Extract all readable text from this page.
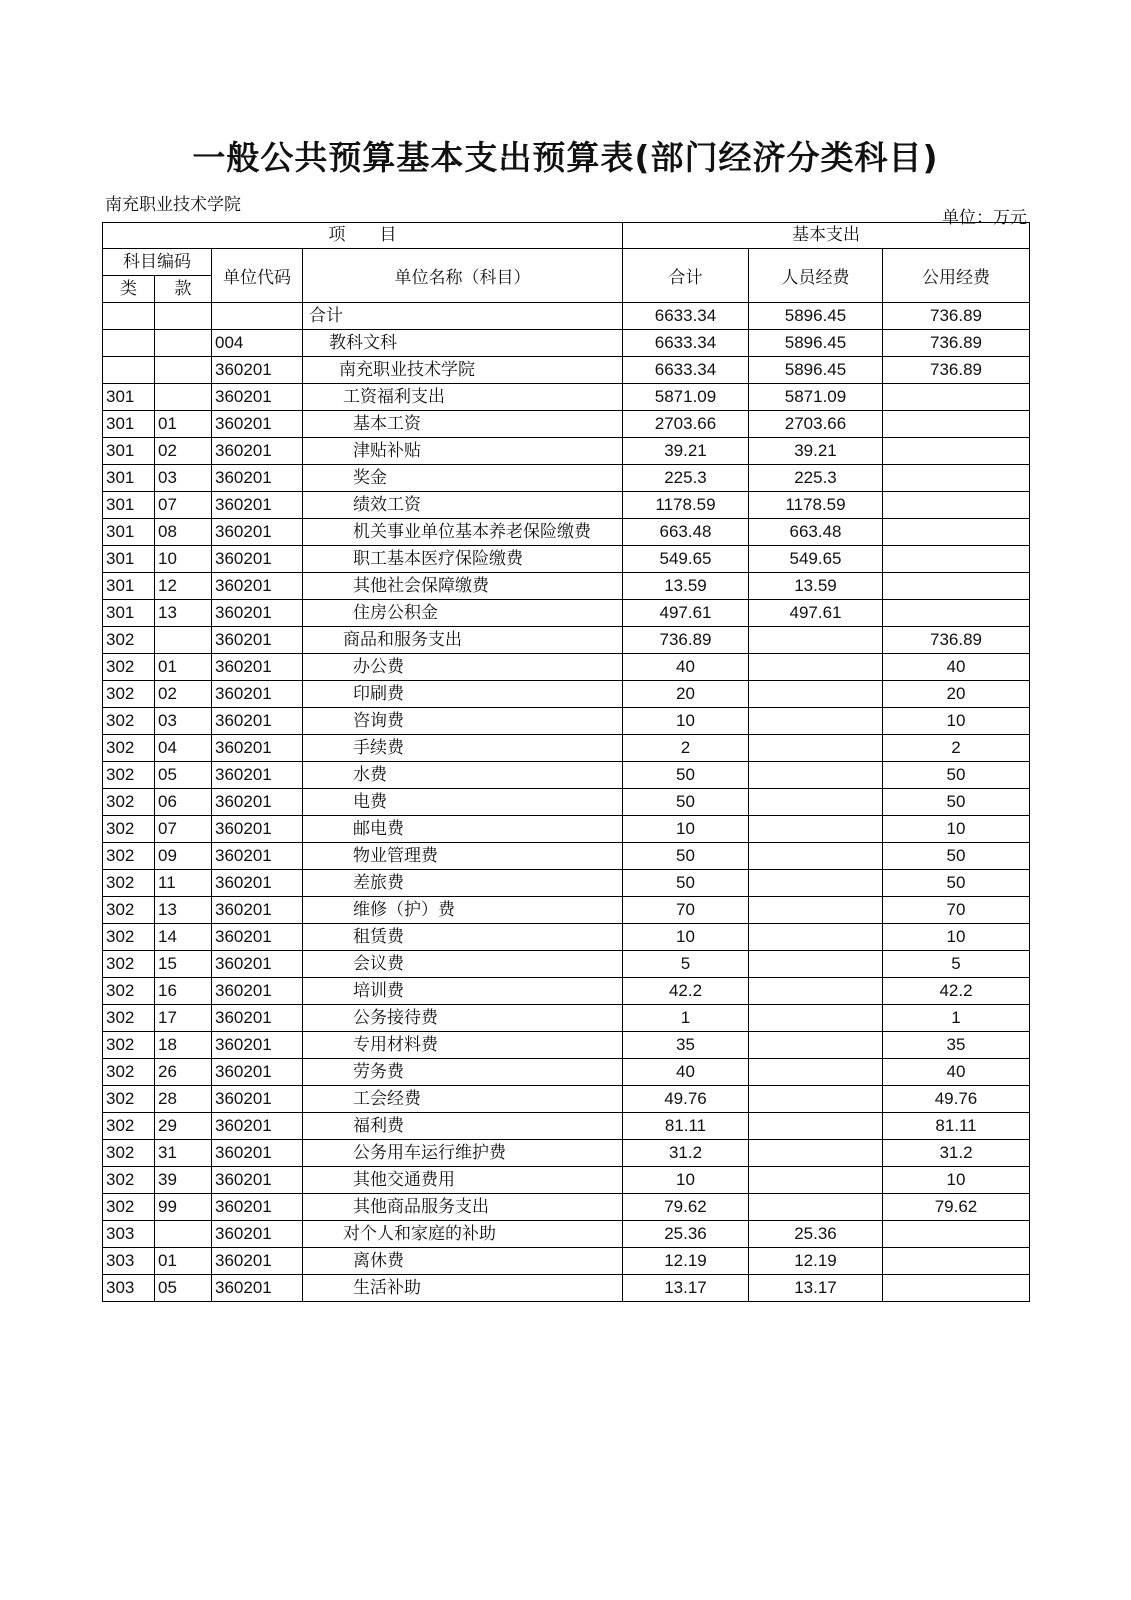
一般公共预算基本支出预算表(部门经济分类科目)
南充职业技术学院
单位：万元
项　　目				基本支出		
科目编码		单位代码	单位名称（科目）	合计	人员经费	公用经费
类	款					
			合计	6633.34	5896.45	736.89
		004	教科文科	6633.34	5896.45	736.89
		360201	南充职业技术学院	6633.34	5896.45	736.89
301		360201	工资福利支出	5871.09	5871.09	
301	01	360201	基本工资	2703.66	2703.66	
301	02	360201	津贴补贴	39.21	39.21	
301	03	360201	奖金	225.3	225.3	
301	07	360201	绩效工资	1178.59	1178.59	
301	08	360201	机关事业单位基本养老保险缴费	663.48	663.48	
301	10	360201	职工基本医疗保险缴费	549.65	549.65	
301	12	360201	其他社会保障缴费	13.59	13.59	
301	13	360201	住房公积金	497.61	497.61	
302		360201	商品和服务支出	736.89		736.89
302	01	360201	办公费	40		40
302	02	360201	印刷费	20		20
302	03	360201	咨询费	10		10
302	04	360201	手续费	2		2
302	05	360201	水费	50		50
302	06	360201	电费	50		50
302	07	360201	邮电费	10		10
302	09	360201	物业管理费	50		50
302	11	360201	差旅费	50		50
302	13	360201	维修（护）费	70		70
302	14	360201	租赁费	10		10
302	15	360201	会议费	5		5
302	16	360201	培训费	42.2		42.2
302	17	360201	公务接待费	1		1
302	18	360201	专用材料费	35		35
302	26	360201	劳务费	40		40
302	28	360201	工会经费	49.76		49.76
302	29	360201	福利费	81.11		81.11
302	31	360201	公务用车运行维护费	31.2		31.2
302	39	360201	其他交通费用	10		10
302	99	360201	其他商品服务支出	79.62		79.62
303		360201	对个人和家庭的补助	25.36	25.36	
303	01	360201	离休费	12.19	12.19	
303	05	360201	生活补助	13.17	13.17	
